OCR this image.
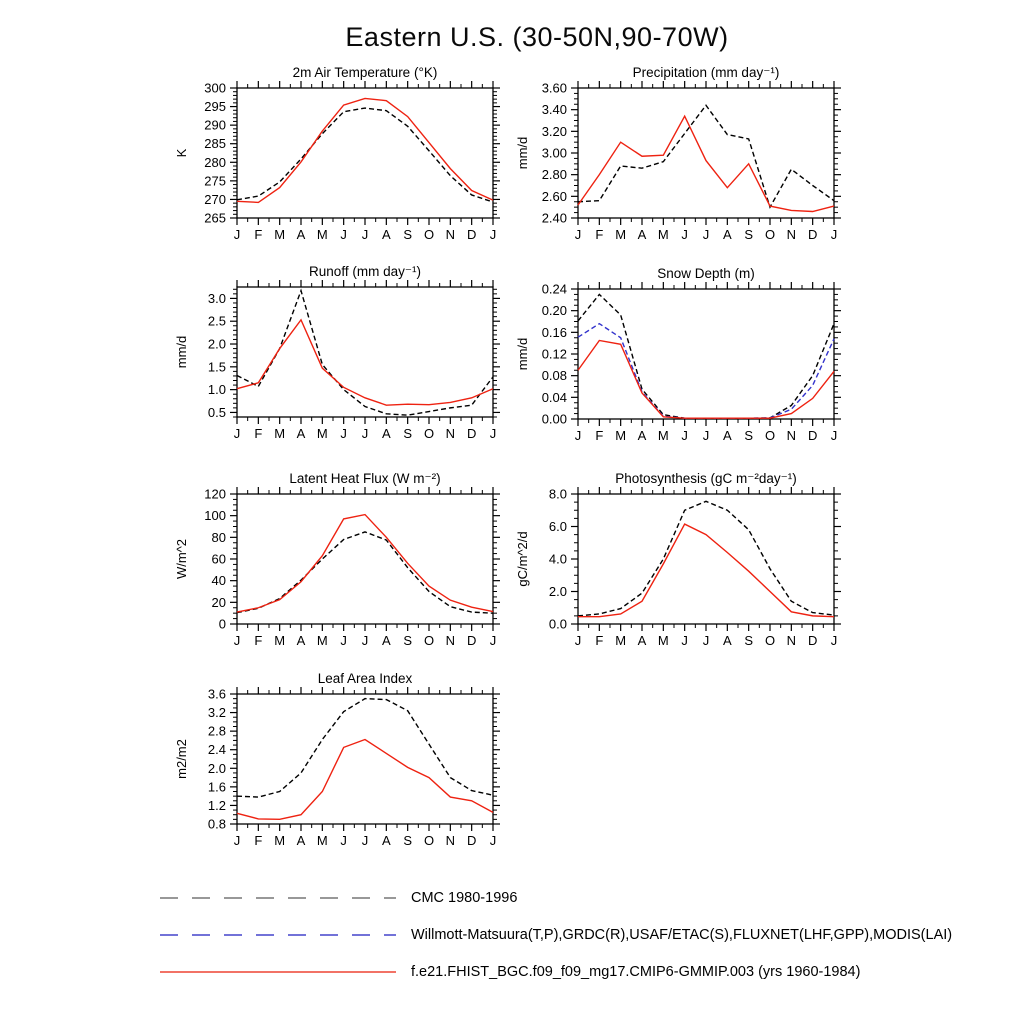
Eastern U.S. (30-50N,90-70W)
J F M A M J J A S O N D J
300
295
290
285
280
275
270
265
2m Air Temperature (°K)
K
J F M A M J J A S O N D J
3.60
3.40
3.20
3.00
2.80
2.60
2.40
Precipitation (mm day⁻¹)
mm/d
J F M A M J J A S O N D J
3.0
2.5
2.0
1.5
1.0
0.5
Runoff (mm day⁻¹)
mm/d
J F M A M J J A S O N D J
0.24
0.20
0.16
0.12
0.08
0.04
0.00
Snow Depth (m)
mm/d
J F M A M J J A S O N D J
120
100
80
60
40
20
0
Latent Heat Flux (W m⁻²)
W/m^2
J F M A M J J A S O N D J
8.0
6.0
4.0
2.0
0.0
Photosynthesis (gC m⁻²day⁻¹)
gC/m^2/d
J F M A M J J A S O N D J
3.6
3.2
2.8
2.4
2.0
1.6
1.2
0.8
Leaf Area Index
m2/m2
CMC 1980-1996
Willmott-Matsuura(T,P),GRDC(R),USAF/ETAC(S),FLUXNET(LHF,GPP),MODIS(LAI)
f.e21.FHIST_BGC.f09_f09_mg17.CMIP6-GMMIP.003 (yrs 1960-1984)
